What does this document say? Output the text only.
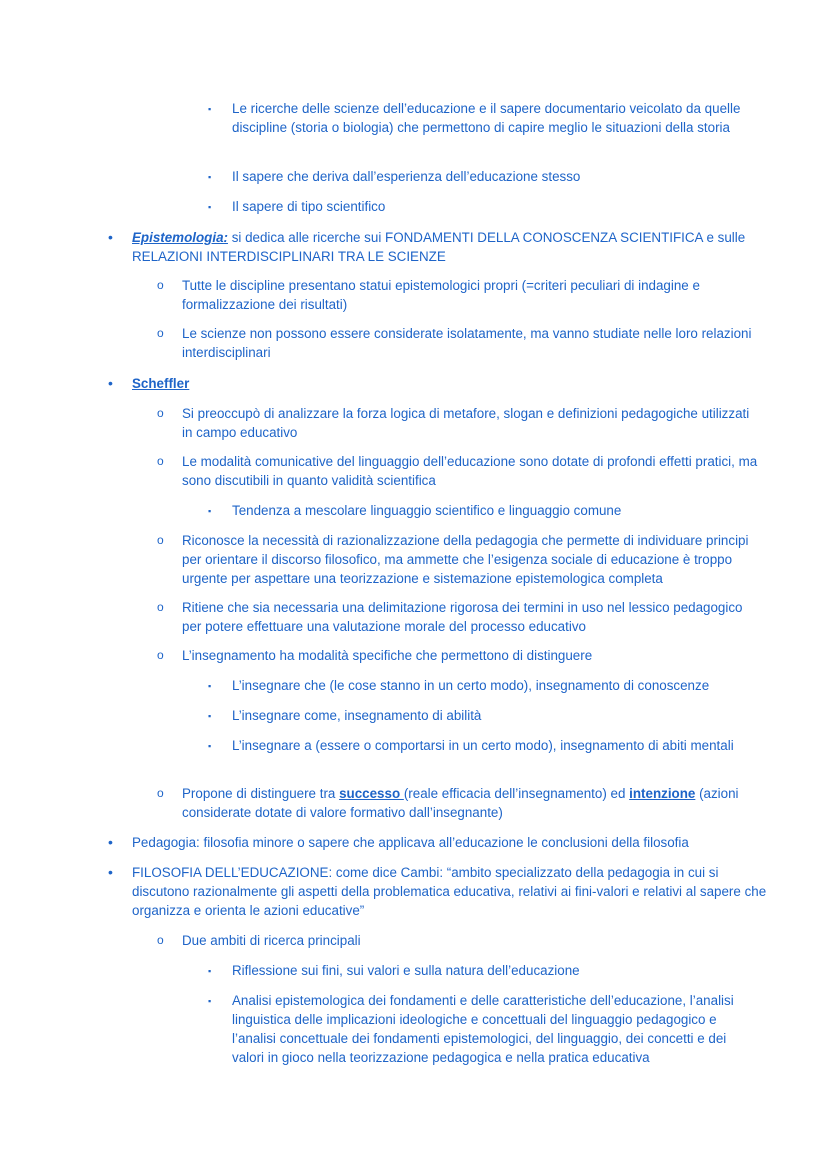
▪ Le ricerche delle scienze dell’educazione e il sapere documentario veicolato da quelle discipline (storia o biologia) che permettono di capire meglio le situazioni della storia
▪ Il sapere che deriva dall’esperienza dell’educazione stesso
▪ Il sapere di tipo scientifico
• Epistemologia: si dedica alle ricerche sui FONDAMENTI DELLA CONOSCENZA SCIENTIFICA e sulle RELAZIONI INTERDISCIPLINARI TRA LE SCIENZE
o Tutte le discipline presentano statui epistemologici propri (=criteri peculiari di indagine e formalizzazione dei risultati)
o Le scienze non possono essere considerate isolatamente, ma vanno studiate nelle loro relazioni interdisciplinari
• Scheffler
o Si preoccupò di analizzare la forza logica di metafore, slogan e definizioni pedagogiche utilizzati in campo educativo
o Le modalità comunicative del linguaggio dell’educazione sono dotate di profondi effetti pratici, ma sono discutibili in quanto validità scientifica
▪ Tendenza a mescolare linguaggio scientifico e linguaggio comune
o Riconosce la necessità di razionalizzazione della pedagogia che permette di individuare principi per orientare il discorso filosofico, ma ammette che l’esigenza sociale di educazione è troppo urgente per aspettare una teorizzazione e sistemazione epistemologica completa
o Ritiene che sia necessaria una delimitazione rigorosa dei termini in uso nel lessico pedagogico per potere effettuare una valutazione morale del processo educativo
o L’insegnamento ha modalità specifiche che permettono di distinguere
▪ L’insegnare che (le cose stanno in un certo modo), insegnamento di conoscenze
▪ L’insegnare come, insegnamento di abilità
▪ L’insegnare a (essere o comportarsi in un certo modo), insegnamento di abiti mentali
o Propone di distinguere tra successo (reale efficacia dell’insegnamento) ed intenzione (azioni considerate dotate di valore formativo dall’insegnante)
• Pedagogia: filosofia minore o sapere che applicava all’educazione le conclusioni della filosofia
• FILOSOFIA DELL’EDUCAZIONE: come dice Cambi: “ambito specializzato della pedagogia in cui si discutono razionalmente gli aspetti della problematica educativa, relativi ai fini-valori e relativi al sapere che organizza e orienta le azioni educative”
o Due ambiti di ricerca principali
▪ Riflessione sui fini, sui valori e sulla natura dell’educazione
▪ Analisi epistemologica dei fondamenti e delle caratteristiche dell’educazione, l’analisi linguistica delle implicazioni ideologiche e concettuali del linguaggio pedagogico e l’analisi concettuale dei fondamenti epistemologici, del linguaggio, dei concetti e dei valori in gioco nella teorizzazione pedagogica e nella pratica educativa
